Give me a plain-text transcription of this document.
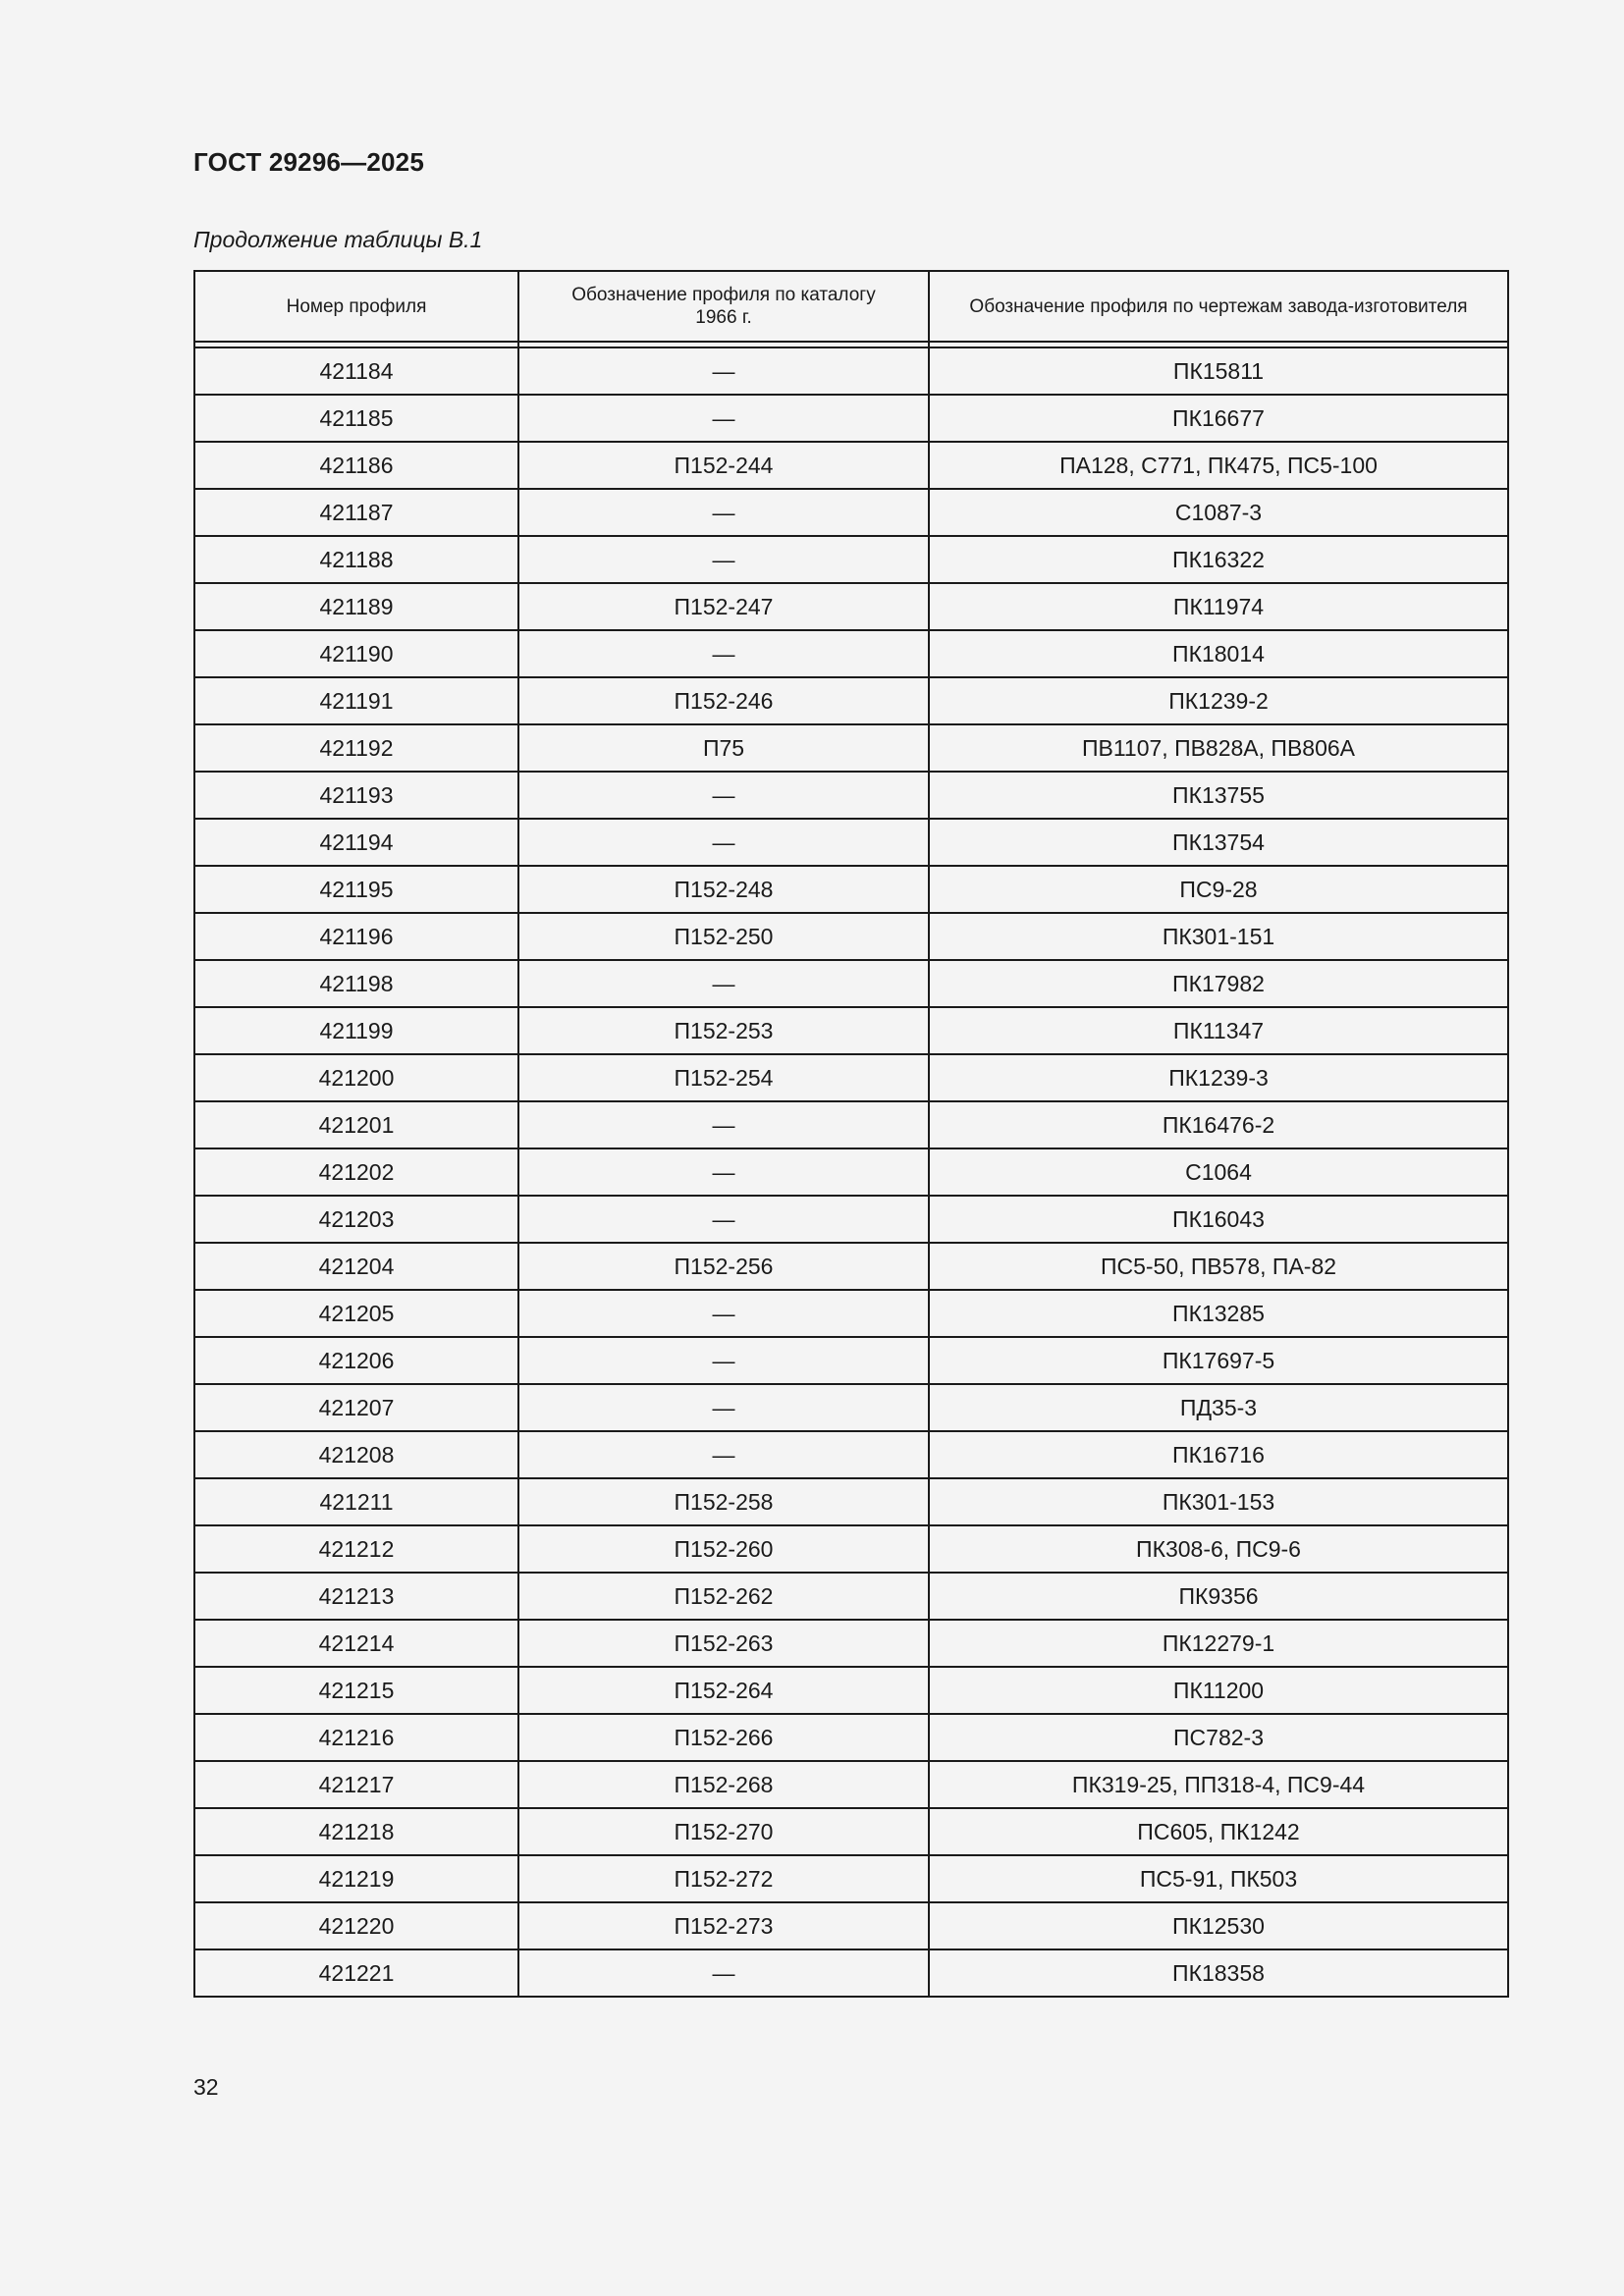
ГОСТ 29296—2025
Продолжение таблицы В.1
Номер профиля	Обозначение профиля по каталогу 1966 г.	Обозначение профиля по чертежам завода-изготовителя

421184	—	ПК15811
421185	—	ПК16677
421186	П152-244	ПА128, С771, ПК475, ПС5-100
421187	—	С1087-3
421188	—	ПК16322
421189	П152-247	ПК11974
421190	—	ПК18014
421191	П152-246	ПК1239-2
421192	П75	ПВ1107, ПВ828А, ПВ806А
421193	—	ПК13755
421194	—	ПК13754
421195	П152-248	ПС9-28
421196	П152-250	ПК301-151
421198	—	ПК17982
421199	П152-253	ПК11347
421200	П152-254	ПК1239-3
421201	—	ПК16476-2
421202	—	С1064
421203	—	ПК16043
421204	П152-256	ПС5-50, ПВ578, ПА-82
421205	—	ПК13285
421206	—	ПК17697-5
421207	—	ПД35-3
421208	—	ПК16716
421211	П152-258	ПК301-153
421212	П152-260	ПК308-6, ПС9-6
421213	П152-262	ПК9356
421214	П152-263	ПК12279-1
421215	П152-264	ПК11200
421216	П152-266	ПС782-3
421217	П152-268	ПК319-25, ПП318-4, ПС9-44
421218	П152-270	ПС605, ПК1242
421219	П152-272	ПС5-91, ПК503
421220	П152-273	ПК12530
421221	—	ПК18358
32
